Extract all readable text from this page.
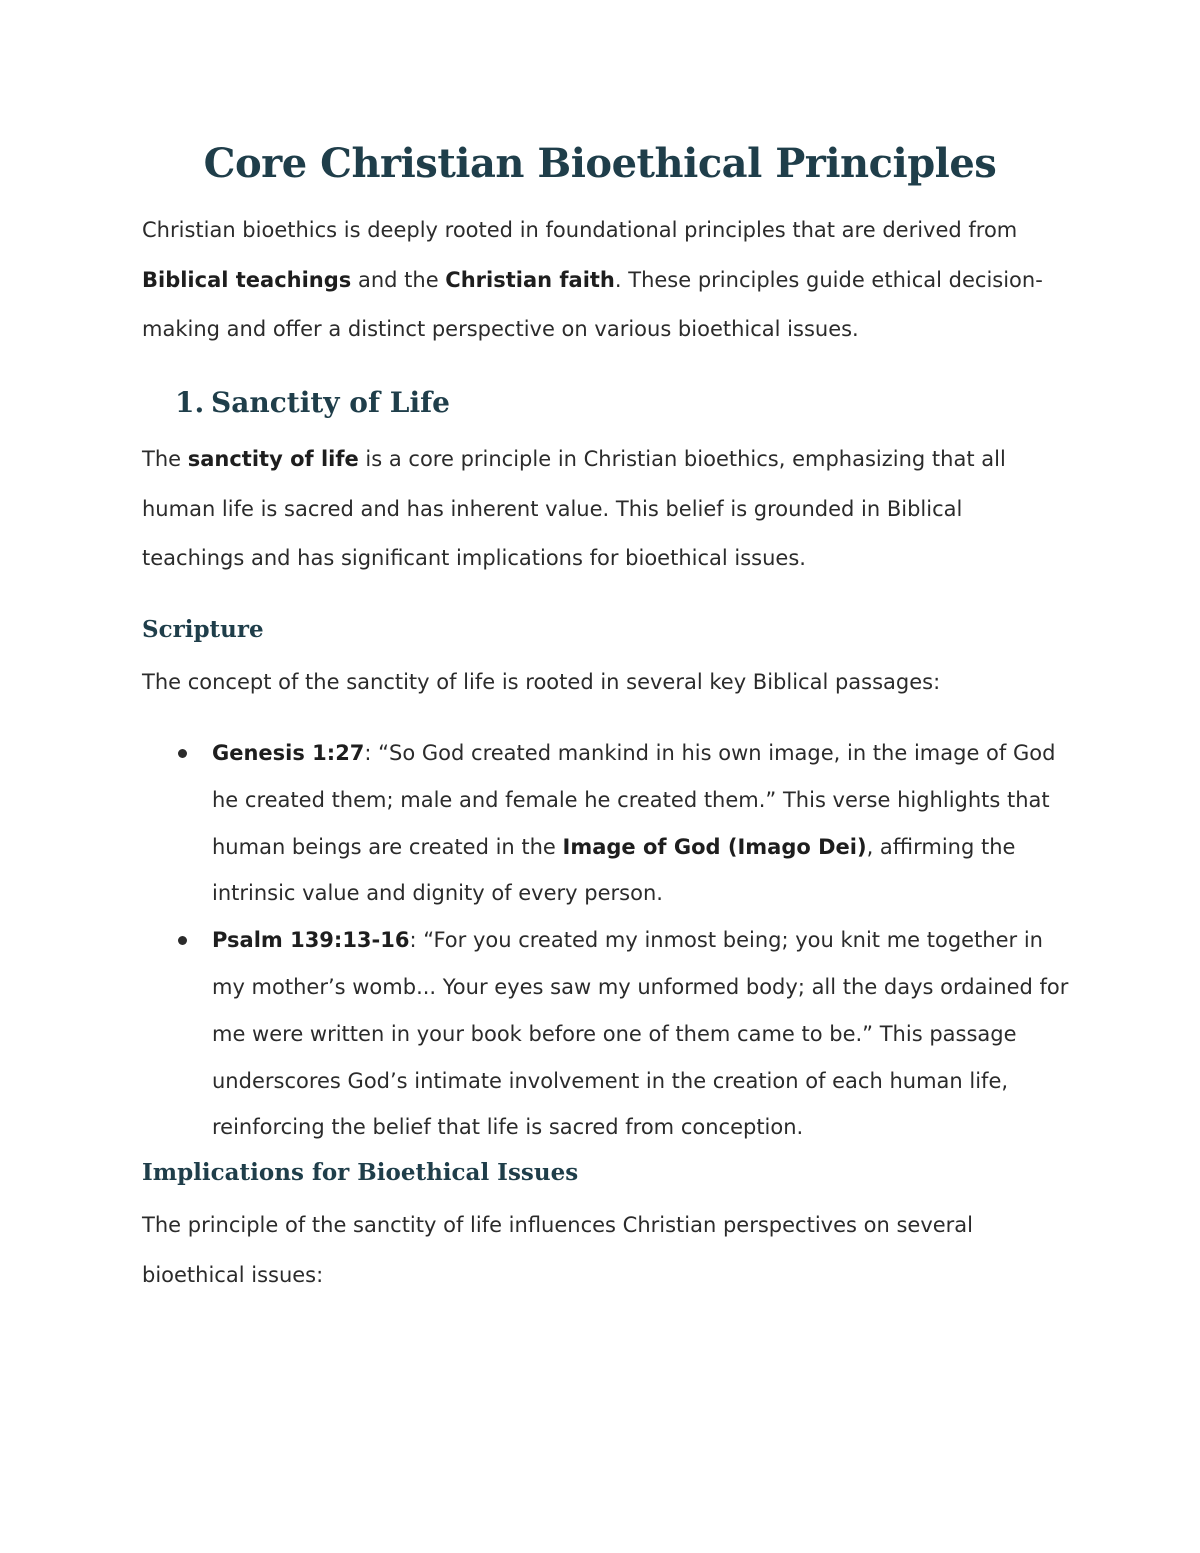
Core Christian Bioethical Principles

Christian bioethics is deeply rooted in foundational principles that are derived from Biblical teachings and the Christian faith. These principles guide ethical decision-making and offer a distinct perspective on various bioethical issues.

1. Sanctity of Life

The sanctity of life is a core principle in Christian bioethics, emphasizing that all human life is sacred and has inherent value. This belief is grounded in Biblical teachings and has significant implications for bioethical issues.

Scripture

The concept of the sanctity of life is rooted in several key Biblical passages:

Genesis 1:27: “So God created mankind in his own image, in the image of God he created them; male and female he created them.” This verse highlights that human beings are created in the Image of God (Imago Dei), affirming the intrinsic value and dignity of every person.
Psalm 139:13-16: “For you created my inmost being; you knit me together in my mother’s womb... Your eyes saw my unformed body; all the days ordained for me were written in your book before one of them came to be.” This passage underscores God’s intimate involvement in the creation of each human life, reinforcing the belief that life is sacred from conception.
Implications for Bioethical Issues

The principle of the sanctity of life influences Christian perspectives on several bioethical issues:
